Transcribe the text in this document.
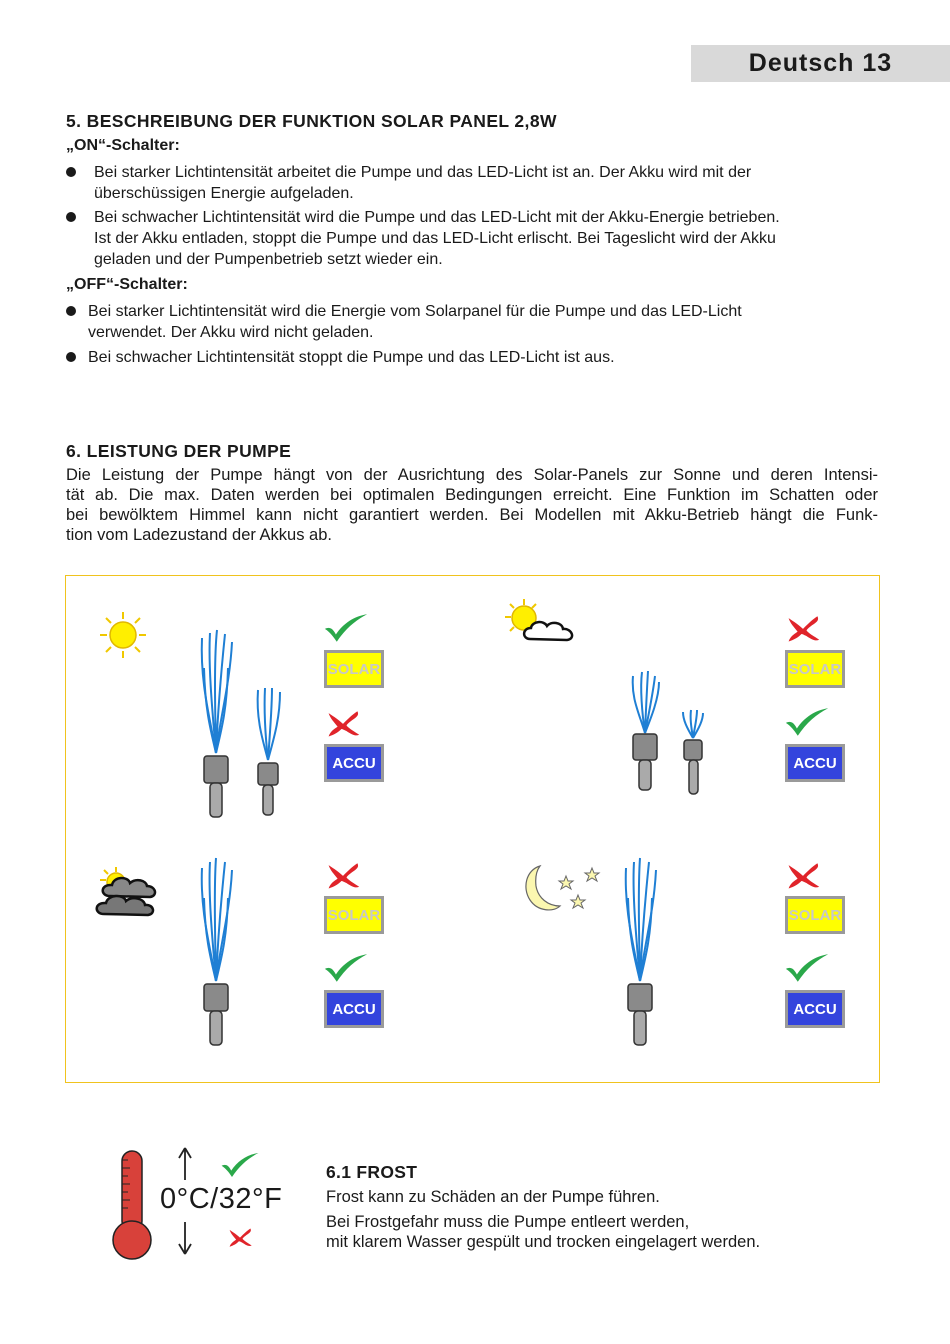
Deutsch 13
5. BESCHREIBUNG DER FUNKTION SOLAR PANEL 2,8W
„ON“-Schalter:
Bei starker Lichtintensität arbeitet die Pumpe und das LED-Licht ist an. Der Akku wird mit der
überschüssigen Energie aufgeladen.
Bei schwacher Lichtintensität wird die Pumpe und das LED-Licht mit der Akku-Energie betrieben.
Ist der Akku entladen, stoppt die Pumpe und das LED-Licht erlischt. Bei Tageslicht wird der Akku
geladen und der Pumpenbetrieb setzt wieder ein.
„OFF“-Schalter:
Bei starker Lichtintensität wird die Energie vom Solarpanel für die Pumpe und das LED-Licht
verwendet. Der Akku wird nicht geladen.
Bei schwacher Lichtintensität stoppt die Pumpe und das LED-Licht ist aus.
6. LEISTUNG DER PUMPE
Die Leistung der Pumpe hängt von der Ausrichtung des Solar-Panels zur Sonne und deren Intensi-
tät ab. Die max. Daten werden bei optimalen Bedingungen erreicht. Eine Funktion im Schatten oder
bei bewölktem Himmel kann nicht garantiert werden. Bei Modellen mit Akku-Betrieb hängt die Funk-
tion vom Ladezustand der Akkus ab.
SOLAR
ACCU
SOLAR
ACCU
SOLAR
ACCU
SOLAR
ACCU
0°C/32°F
6.1 FROST

Frost kann zu Schäden an der Pumpe führen.

Bei Frostgefahr muss die Pumpe entleert werden,

mit klarem Wasser gespült und trocken eingelagert werden.
